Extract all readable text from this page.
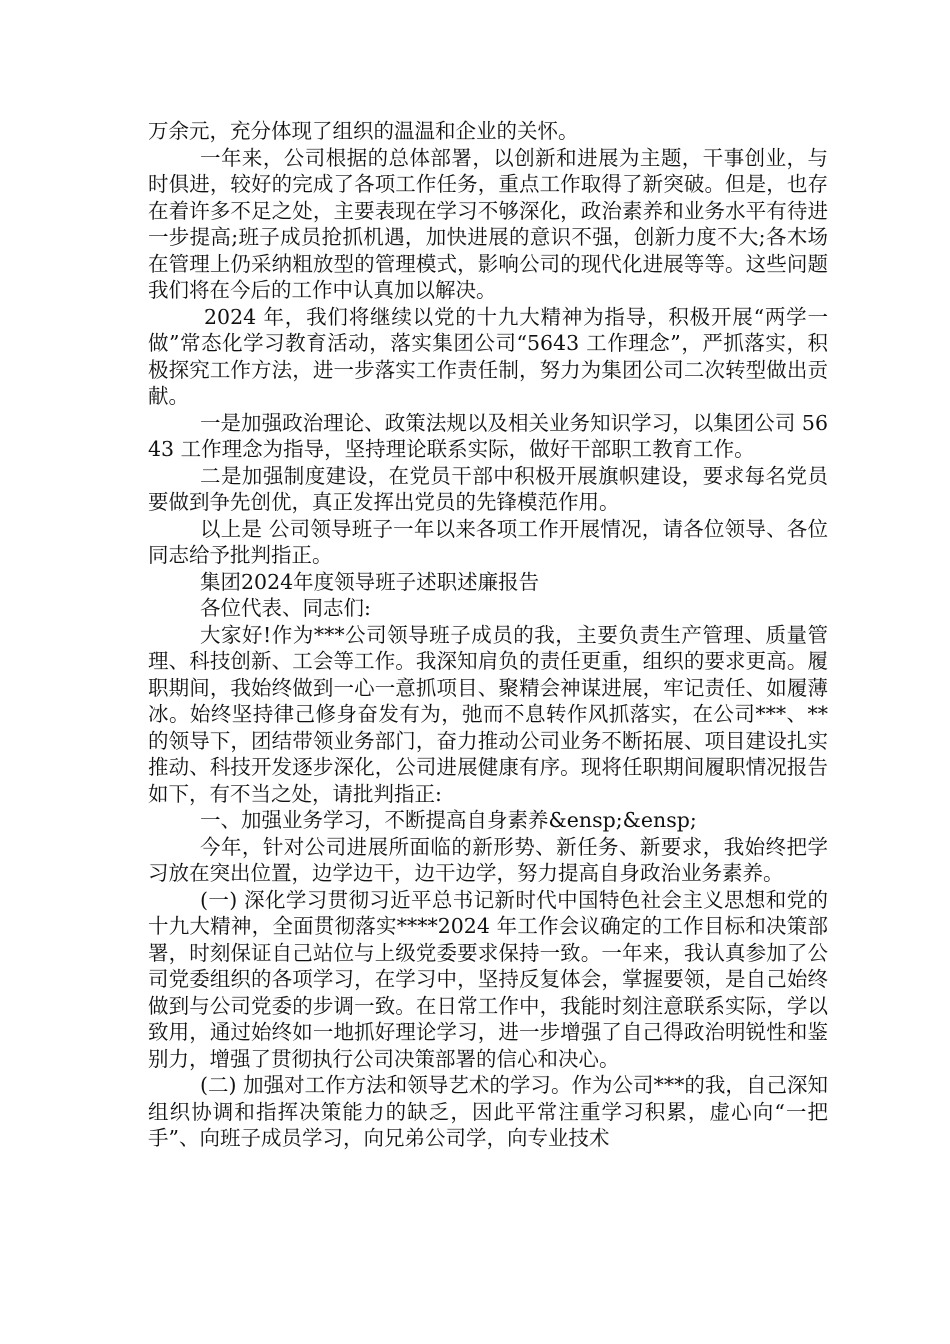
万余元，充分体现了组织的温温和企业的关怀。

一年来，公司根据的总体部署，以创新和进展为主题，干事创业，与时俱进，较好的完成了各项工作任务，重点工作取得了新突破。但是，也存在着许多不足之处，主要表现在学习不够深化，政治素养和业务水平有待进一步提高;班子成员抢抓机遇，加快进展的意识不强，创新力度不大;各木场在管理上仍采纳粗放型的管理模式，影响公司的现代化进展等等。这些问题我们将在今后的工作中认真加以解决。

2024 年，我们将继续以党的十九大精神为指导，积极开展“两学一做”常态化学习教育活动，落实集团公司“5643 工作理念”，严抓落实，积极探究工作方法，进一步落实工作责任制，努力为集团公司二次转型做出贡献。

一是加强政治理论、政策法规以及相关业务知识学习，以集团公司 5643 工作理念为指导，坚持理论联系实际，做好干部职工教育工作。

二是加强制度建设，在党员干部中积极开展旗帜建设，要求每名党员要做到争先创优，真正发挥出党员的先锋模范作用。

以上是 公司领导班子一年以来各项工作开展情况，请各位领导、各位同志给予批判指正。

集团2024年度领导班子述职述廉报告

各位代表、同志们:

大家好!作为***公司领导班子成员的我，主要负责生产管理、质量管理、科技创新、工会等工作。我深知肩负的责任更重，组织的要求更高。履职期间，我始终做到一心一意抓项目、聚精会神谋进展，牢记责任、如履薄冰。始终坚持律己修身奋发有为，弛而不息转作风抓落实，在公司***、**的领导下，团结带领业务部门，奋力推动公司业务不断拓展、项目建设扎实推动、科技开发逐步深化，公司进展健康有序。现将任职期间履职情况报告如下，有不当之处，请批判指正:

一、加强业务学习，不断提高自身素养&ensp;&ensp;

今年，针对公司进展所面临的新形势、新任务、新要求，我始终把学习放在突出位置，边学边干，边干边学，努力提高自身政治业务素养。

(一) 深化学习贯彻习近平总书记新时代中国特色社会主义思想和党的十九大精神，全面贯彻落实****2024 年工作会议确定的工作目标和决策部署，时刻保证自己站位与上级党委要求保持一致。一年来，我认真参加了公司党委组织的各项学习，在学习中，坚持反复体会，掌握要领，是自己始终做到与公司党委的步调一致。在日常工作中，我能时刻注意联系实际，学以致用，通过始终如一地抓好理论学习，进一步增强了自己得政治明锐性和鉴别力，增强了贯彻执行公司决策部署的信心和决心。

(二) 加强对工作方法和领导艺术的学习。作为公司***的我，自己深知组织协调和指挥决策能力的缺乏，因此平常注重学习积累，虚心向“一把手”、向班子成员学习，向兄弟公司学，向专业技术
